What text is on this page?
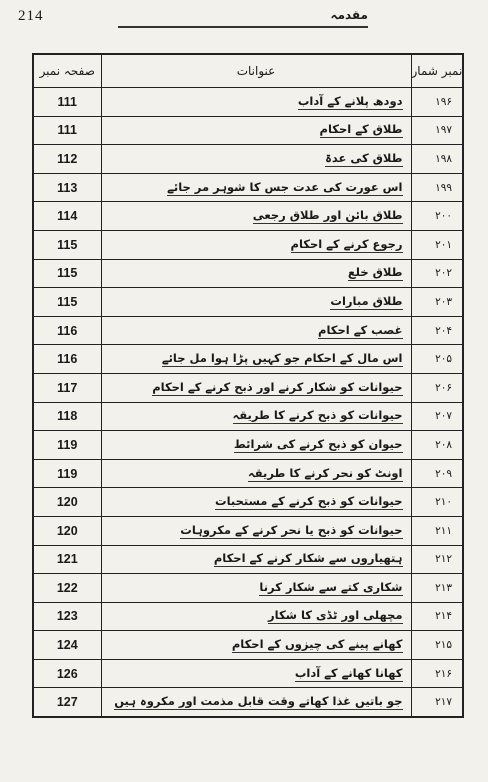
214	مقدمہ
صفحہ نمبر	عنوانات	نمبر شمار
111	دودھ پلانے کے آداب	۱۹۶
111	طلاق کے احکام	۱۹۷
112	طلاق کی عدۃ	۱۹۸
113	اس عورت کی عدت جس کا شوہر مر جائے	۱۹۹
114	طلاق بائن اور طلاق رجعی	۲۰۰
115	رجوع کرنے کے احکام	۲۰۱
115	طلاق خلع	۲۰۲
115	طلاق مبارات	۲۰۳
116	غصب کے احکام	۲۰۴
116	اس مال کے احکام جو کہیں پڑا ہوا مل جائے	۲۰۵
117	حیوانات کو شکار کرنے اور ذبح کرنے کے احکام	۲۰۶
118	حیوانات کو ذبح کرنے کا طریقہ	۲۰۷
119	حیوان کو ذبح کرنے کی شرائط	۲۰۸
119	اونٹ کو نحر کرنے کا طریقہ	۲۰۹
120	حیوانات کو ذبح کرنے کے مستحبات	۲۱۰
120	حیوانات کو ذبح یا نحر کرنے کے مکروہات	۲۱۱
121	ہتھیاروں سے شکار کرنے کے احکام	۲۱۲
122	شکاری کتے سے شکار کرنا	۲۱۳
123	مچھلی اور ٹڈی کا شکار	۲۱۴
124	کھانے پینے کی چیزوں کے احکام	۲۱۵
126	کھانا کھانے کے آداب	۲۱۶
127	جو باتیں غذا کھاتے وقت قابل مذمت اور مکروہ ہیں	۲۱۷
